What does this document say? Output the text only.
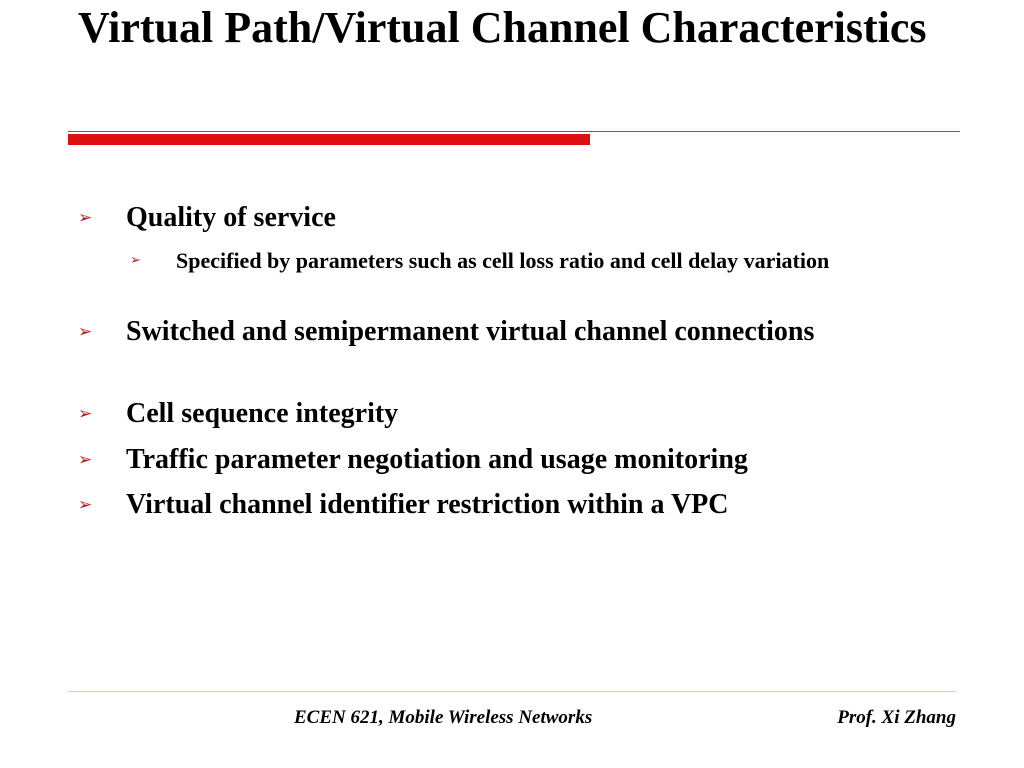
Virtual Path/Virtual Channel Characteristics
➢ Quality of service
➢ Specified by parameters such as cell loss ratio and cell delay variation
➢ Switched and semipermanent virtual channel connections
➢ Cell sequence integrity
➢ Traffic parameter negotiation and usage monitoring
➢ Virtual channel identifier restriction within a VPC
ECEN 621, Mobile Wireless Networks	Prof. Xi Zhang
